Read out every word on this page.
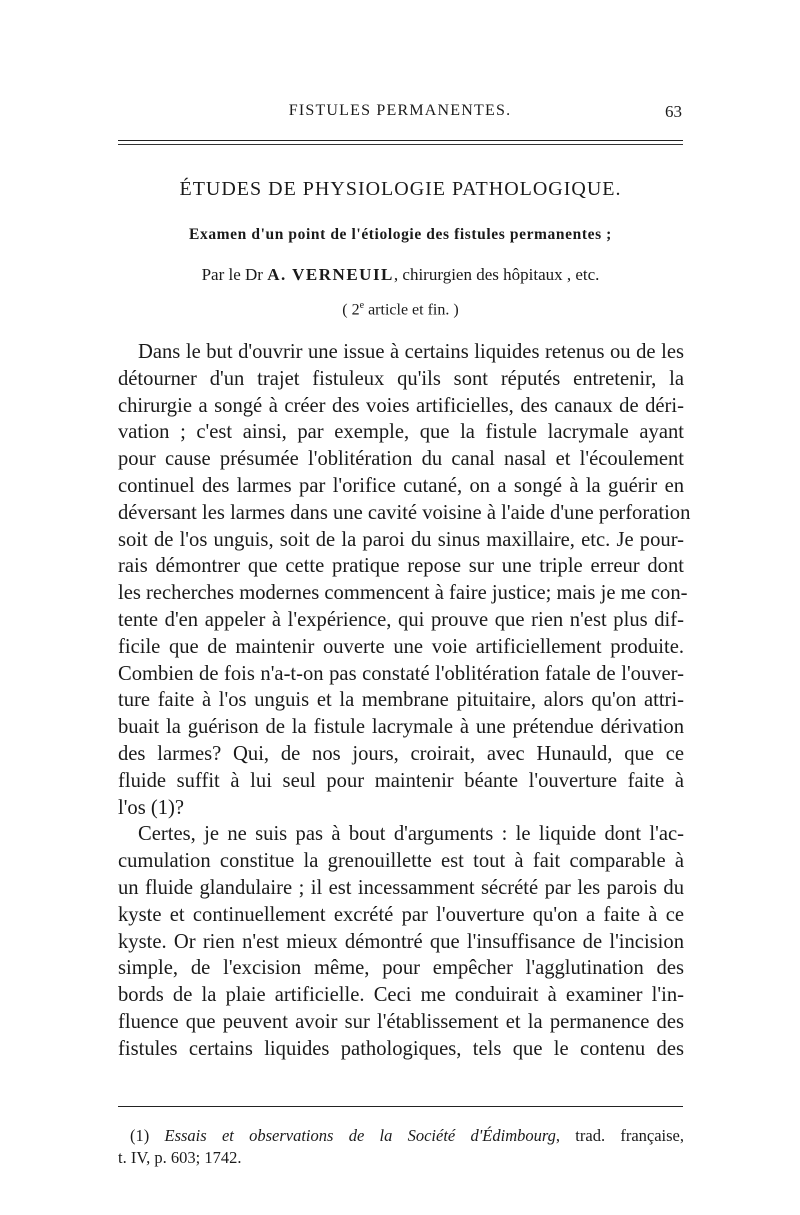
FISTULES PERMANENTES.	63
ÉTUDES DE PHYSIOLOGIE PATHOLOGIQUE.
Examen d'un point de l'étiologie des fistules permanentes ;
Par le Dr A. VERNEUIL, chirurgien des hôpitaux , etc.
( 2e article et fin. )
Dans le but d'ouvrir une issue à certains liquides retenus ou de les
détourner d'un trajet fistuleux qu'ils sont réputés entretenir, la
chirurgie a songé à créer des voies artificielles, des canaux de déri-
vation ; c'est ainsi, par exemple, que la fistule lacrymale ayant
pour cause présumée l'oblitération du canal nasal et l'écoulement
continuel des larmes par l'orifice cutané, on a songé à la guérir en
déversant les larmes dans une cavité voisine à l'aide d'une perforation
soit de l'os unguis, soit de la paroi du sinus maxillaire, etc. Je pour-
rais démontrer que cette pratique repose sur une triple erreur dont
les recherches modernes commencent à faire justice; mais je me con-
tente d'en appeler à l'expérience, qui prouve que rien n'est plus dif-
ficile que de maintenir ouverte une voie artificiellement produite.
Combien de fois n'a-t-on pas constaté l'oblitération fatale de l'ouver-
ture faite à l'os unguis et la membrane pituitaire, alors qu'on attri-
buait la guérison de la fistule lacrymale à une prétendue dérivation
des larmes? Qui, de nos jours, croirait, avec Hunauld, que ce
fluide suffit à lui seul pour maintenir béante l'ouverture faite à
l'os (1)?
Certes, je ne suis pas à bout d'arguments : le liquide dont l'ac-
cumulation constitue la grenouillette est tout à fait comparable à
un fluide glandulaire ; il est incessamment sécrété par les parois du
kyste et continuellement excrété par l'ouverture qu'on a faite à ce
kyste. Or rien n'est mieux démontré que l'insuffisance de l'incision
simple, de l'excision même, pour empêcher l'agglutination des
bords de la plaie artificielle. Ceci me conduirait à examiner l'in-
fluence que peuvent avoir sur l'établissement et la permanence des
fistules certains liquides pathologiques, tels que le contenu des
(1) Essais et observations de la Société d'Édimbourg, trad. française,
t. IV, p. 603; 1742.
